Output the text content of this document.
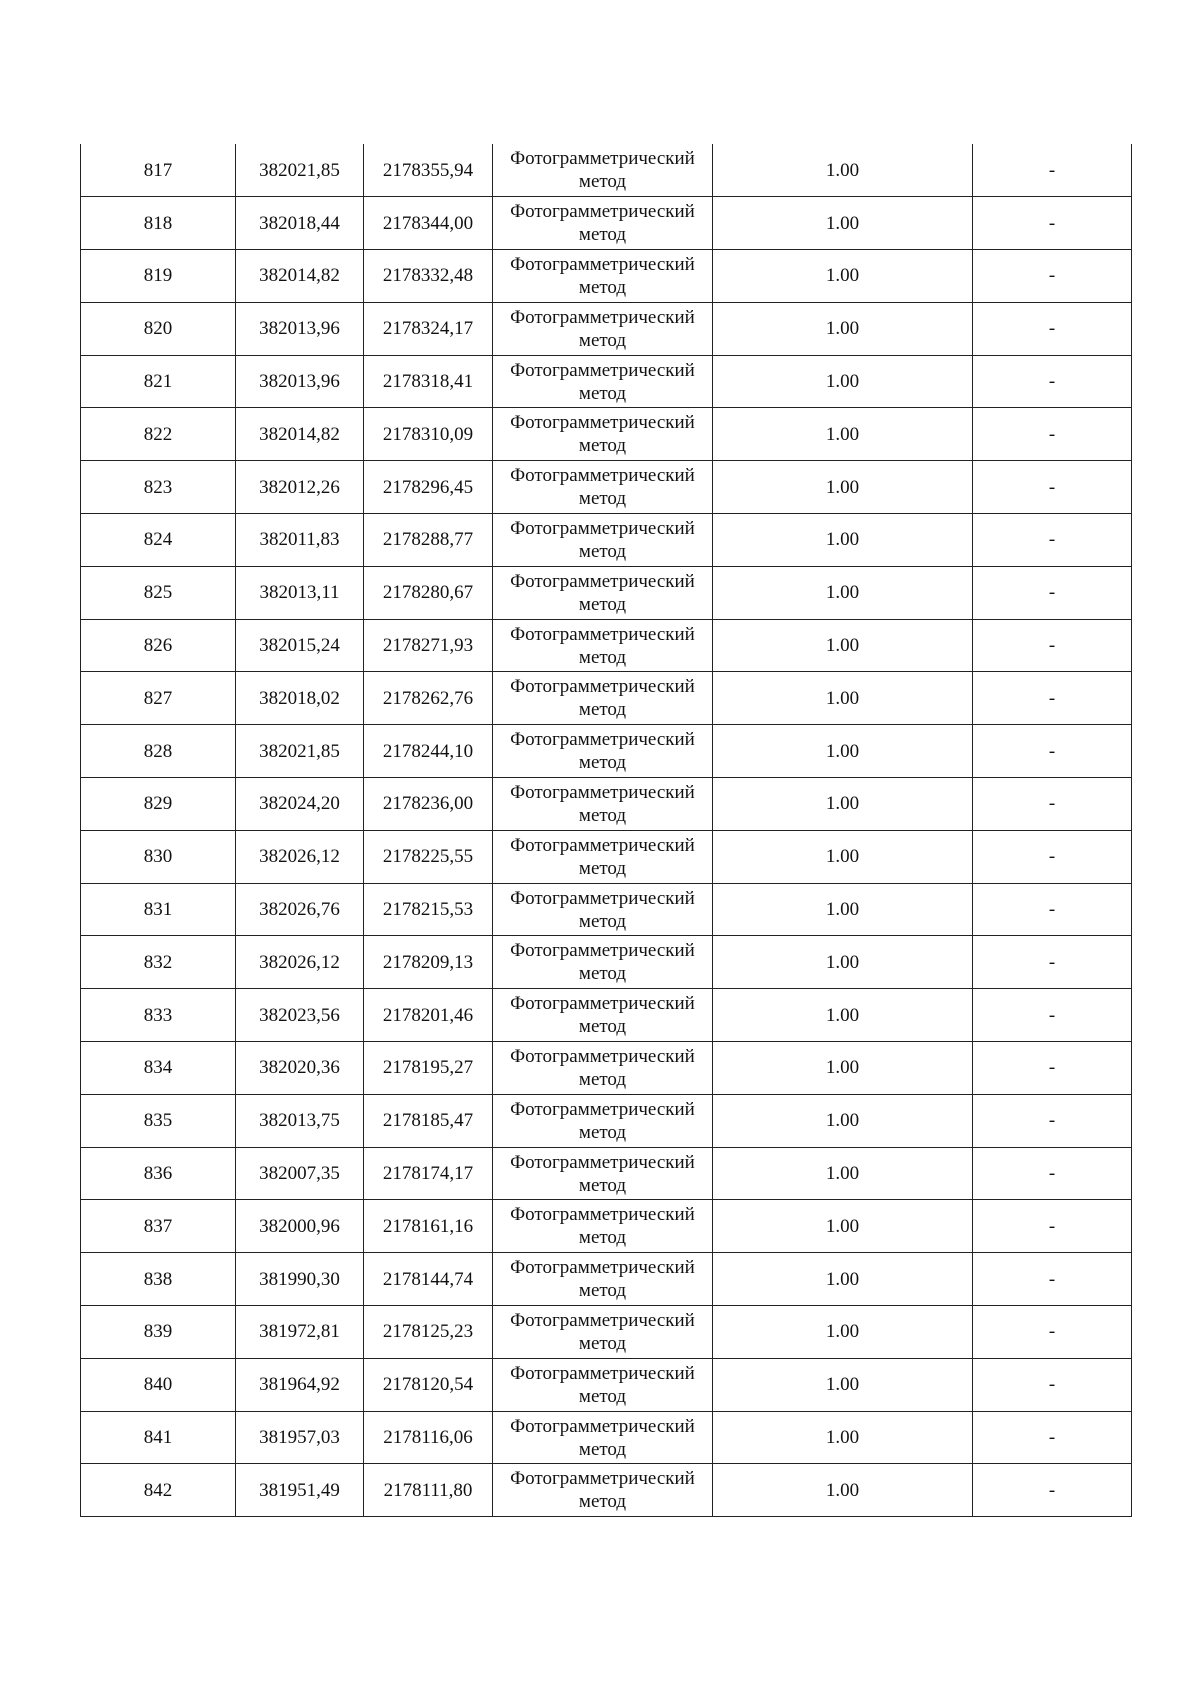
817	382021,85	2178355,94	Фотограмметрический
метод	1.00	-
818	382018,44	2178344,00	Фотограмметрический
метод	1.00	-
819	382014,82	2178332,48	Фотограмметрический
метод	1.00	-
820	382013,96	2178324,17	Фотограмметрический
метод	1.00	-
821	382013,96	2178318,41	Фотограмметрический
метод	1.00	-
822	382014,82	2178310,09	Фотограмметрический
метод	1.00	-
823	382012,26	2178296,45	Фотограмметрический
метод	1.00	-
824	382011,83	2178288,77	Фотограмметрический
метод	1.00	-
825	382013,11	2178280,67	Фотограмметрический
метод	1.00	-
826	382015,24	2178271,93	Фотограмметрический
метод	1.00	-
827	382018,02	2178262,76	Фотограмметрический
метод	1.00	-
828	382021,85	2178244,10	Фотограмметрический
метод	1.00	-
829	382024,20	2178236,00	Фотограмметрический
метод	1.00	-
830	382026,12	2178225,55	Фотограмметрический
метод	1.00	-
831	382026,76	2178215,53	Фотограмметрический
метод	1.00	-
832	382026,12	2178209,13	Фотограмметрический
метод	1.00	-
833	382023,56	2178201,46	Фотограмметрический
метод	1.00	-
834	382020,36	2178195,27	Фотограмметрический
метод	1.00	-
835	382013,75	2178185,47	Фотограмметрический
метод	1.00	-
836	382007,35	2178174,17	Фотограмметрический
метод	1.00	-
837	382000,96	2178161,16	Фотограмметрический
метод	1.00	-
838	381990,30	2178144,74	Фотограмметрический
метод	1.00	-
839	381972,81	2178125,23	Фотограмметрический
метод	1.00	-
840	381964,92	2178120,54	Фотограмметрический
метод	1.00	-
841	381957,03	2178116,06	Фотограмметрический
метод	1.00	-
842	381951,49	2178111,80	Фотограмметрический
метод	1.00	-
